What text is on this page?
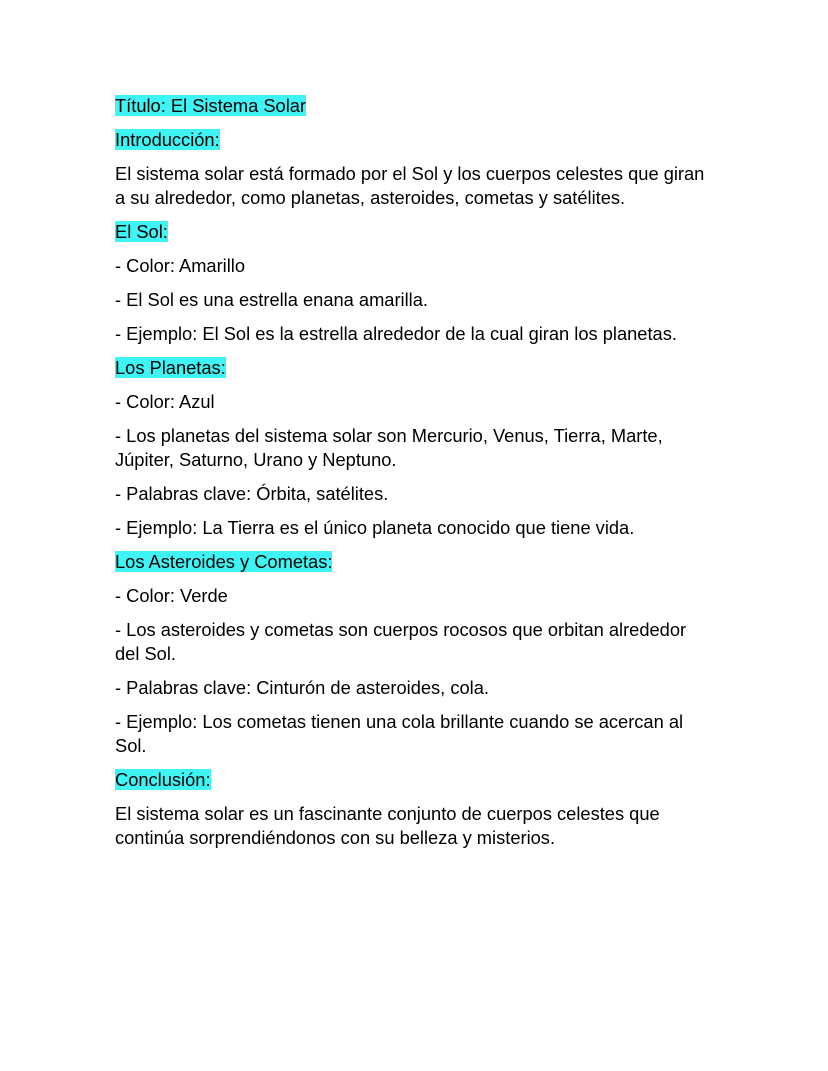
Título: El Sistema Solar

Introducción:

El sistema solar está formado por el Sol y los cuerpos celestes que giran a su alrededor, como planetas, asteroides, cometas y satélites.

El Sol:

- Color: Amarillo

- El Sol es una estrella enana amarilla.

- Ejemplo: El Sol es la estrella alrededor de la cual giran los planetas.

Los Planetas:

- Color: Azul

- Los planetas del sistema solar son Mercurio, Venus, Tierra, Marte, Júpiter, Saturno, Urano y Neptuno.

- Palabras clave: Órbita, satélites.

- Ejemplo: La Tierra es el único planeta conocido que tiene vida.

Los Asteroides y Cometas:

- Color: Verde

- Los asteroides y cometas son cuerpos rocosos que orbitan alrededor del Sol.

- Palabras clave: Cinturón de asteroides, cola.

- Ejemplo: Los cometas tienen una cola brillante cuando se acercan al Sol.

Conclusión:

El sistema solar es un fascinante conjunto de cuerpos celestes que continúa sorprendiéndonos con su belleza y misterios.
